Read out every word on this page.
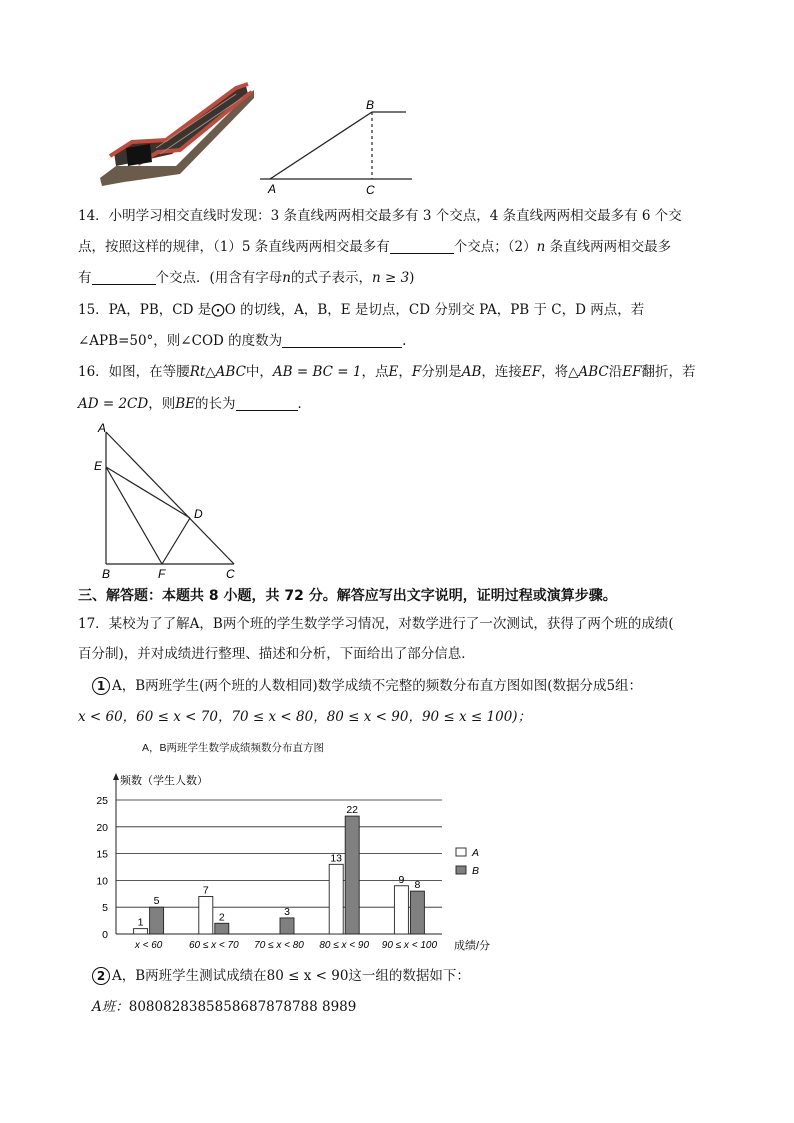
B
A	C
14．小明学习相交直线时发现：3 条直线两两相交最多有 3 个交点，4 条直线两两相交最多有 6 个交
点，按照这样的规律，（1）5 条直线两两相交最多有	个交点；（2）n 条直线两两相交最多
有	个交点．(用含有字母n的式子表示，n ≥ 3)
15．PA，PB，CD 是⨀O 的切线，A，B，E 是切点，CD 分别交 PA，PB 于 C，D 两点，若
∠APB=50°，则∠COD 的度数为	.
16．如图，在等腰Rt△ABC中，AB = BC = 1，点E，F分别是AB，连接EF，将△ABC沿EF翻折，若
AD = 2CD，则BE的长为	．
A
E
D
B	F	C
三、解答题：本题共 8 小题，共 72 分。解答应写出文字说明，证明过程或演算步骤。
17．某校为了了解A，B两个班的学生数学学习情况，对数学进行了一次测试，获得了两个班的成绩(
百分制)，并对成绩进行整理、描述和分析，下面给出了部分信息．
1 A，B两班学生(两个班的人数相同)数学成绩不完整的频数分布直方图如图(数据分成5组：
x < 60，60 ≤ x < 70，70 ≤ x < 80，80 ≤ x < 90，90 ≤ x ≤ 100)；
A，B两班学生数学成绩频数分布直方图
频数（学生人数）
0
5
10
15
20
25
x < 60
1
5
60 ≤ x < 70
7
2
70 ≤ x < 80
3
80 ≤ x < 90
13
22
90 ≤ x < 100
9 8
成绩/分
A
B
2 A，B两班学生测试成绩在80 ≤ x < 90这一组的数据如下：
A班：8080828385858687878788 8989
